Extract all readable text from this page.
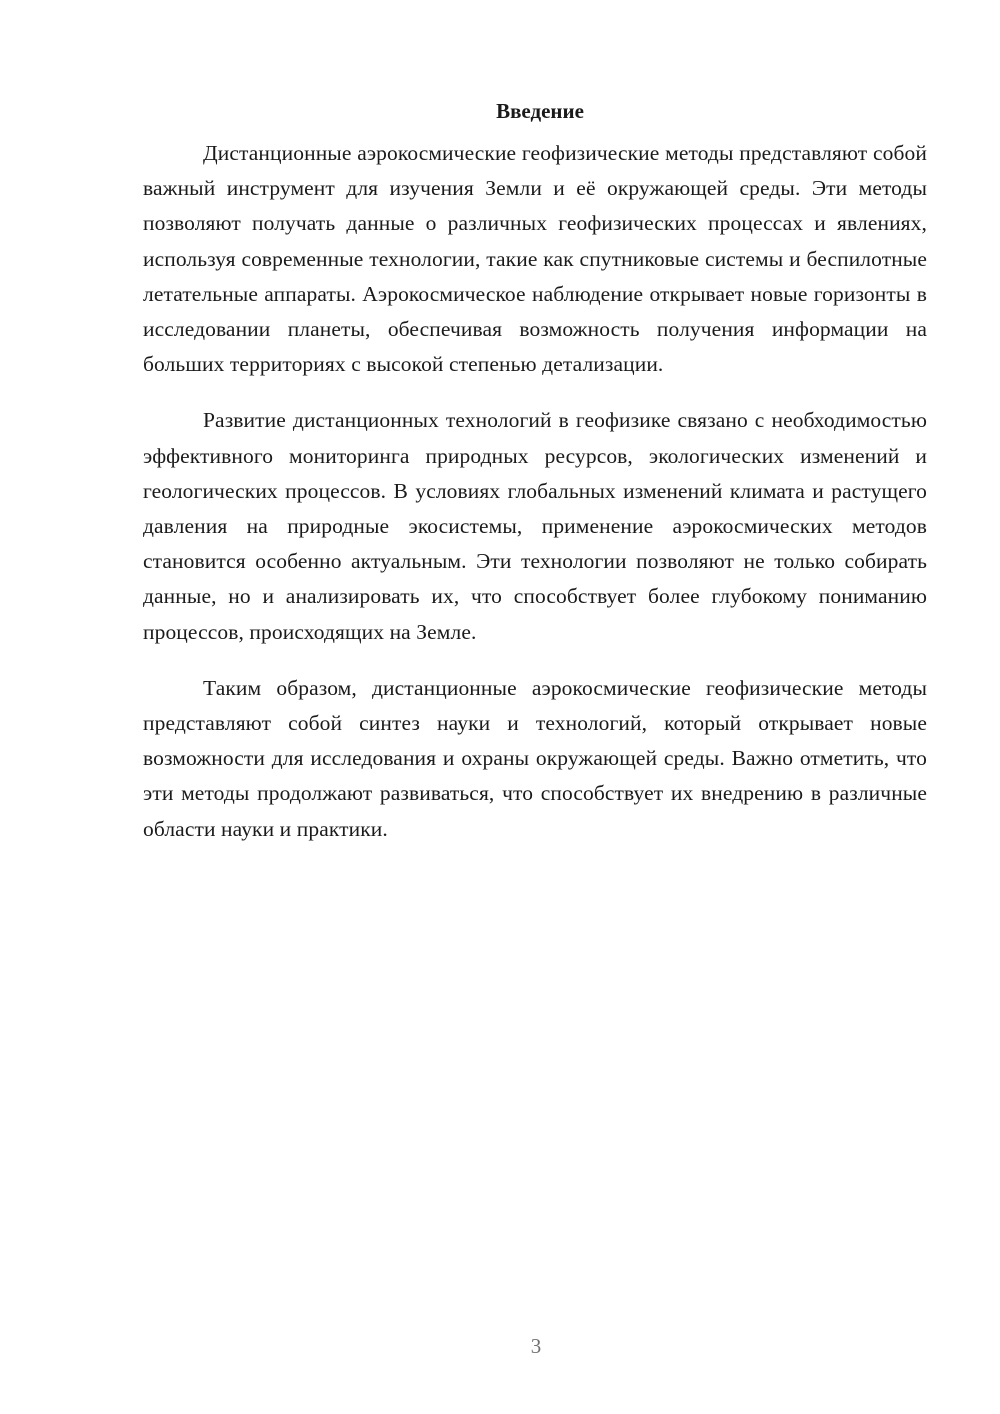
Введение

Дистанционные аэрокосмические геофизические методы представляют собой важный инструмент для изучения Земли и её окружающей среды. Эти методы позволяют получать данные о различных геофизических процессах и явлениях, используя современные технологии, такие как спутниковые системы и беспилотные летательные аппараты. Аэрокосмическое наблюдение открывает новые горизонты в исследовании планеты, обеспечивая возможность получения информации на больших территориях с высокой степенью детализации.

Развитие дистанционных технологий в геофизике связано с необходимостью эффективного мониторинга природных ресурсов, экологических изменений и геологических процессов. В условиях глобальных изменений климата и растущего давления на природные экосистемы, применение аэрокосмических методов становится особенно актуальным. Эти технологии позволяют не только собирать данные, но и анализировать их, что способствует более глубокому пониманию процессов, происходящих на Земле.

Таким образом, дистанционные аэрокосмические геофизические методы представляют собой синтез науки и технологий, который открывает новые возможности для исследования и охраны окружающей среды. Важно отметить, что эти методы продолжают развиваться, что способствует их внедрению в различные области науки и практики.

3
